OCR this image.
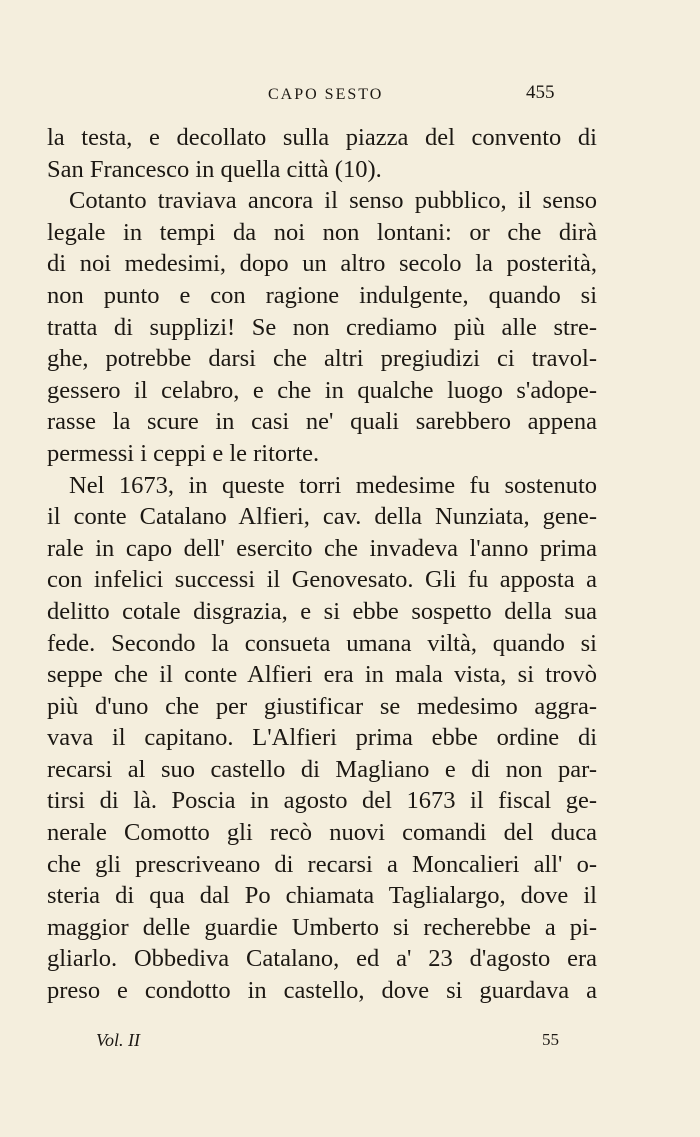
CAPO SESTO	455
la testa, e decollato sulla piazza del convento di
San Francesco in quella città (10).
Cotanto traviava ancora il senso pubblico, il senso
legale in tempi da noi non lontani: or che dirà
di noi medesimi, dopo un altro secolo la posterità,
non punto e con ragione indulgente, quando si
tratta di supplizi! Se non crediamo più alle stre-
ghe, potrebbe darsi che altri pregiudizi ci travol-
gessero il celabro, e che in qualche luogo s'adope-
rasse la scure in casi ne' quali sarebbero appena
permessi i ceppi e le ritorte.
Nel 1673, in queste torri medesime fu sostenuto
il conte Catalano Alfieri, cav. della Nunziata, gene-
rale in capo dell' esercito che invadeva l'anno prima
con infelici successi il Genovesato. Gli fu apposta a
delitto cotale disgrazia, e si ebbe sospetto della sua
fede. Secondo la consueta umana viltà, quando si
seppe che il conte Alfieri era in mala vista, si trovò
più d'uno che per giustificar se medesimo aggra-
vava il capitano. L'Alfieri prima ebbe ordine di
recarsi al suo castello di Magliano e di non par-
tirsi di là. Poscia in agosto del 1673 il fiscal ge-
nerale Comotto gli recò nuovi comandi del duca
che gli prescriveano di recarsi a Moncalieri all' o-
steria di qua dal Po chiamata Taglialargo, dove il
maggior delle guardie Umberto si recherebbe a pi-
gliarlo. Obbediva Catalano, ed a' 23 d'agosto era
preso e condotto in castello, dove si guardava a
Vol. II	55
